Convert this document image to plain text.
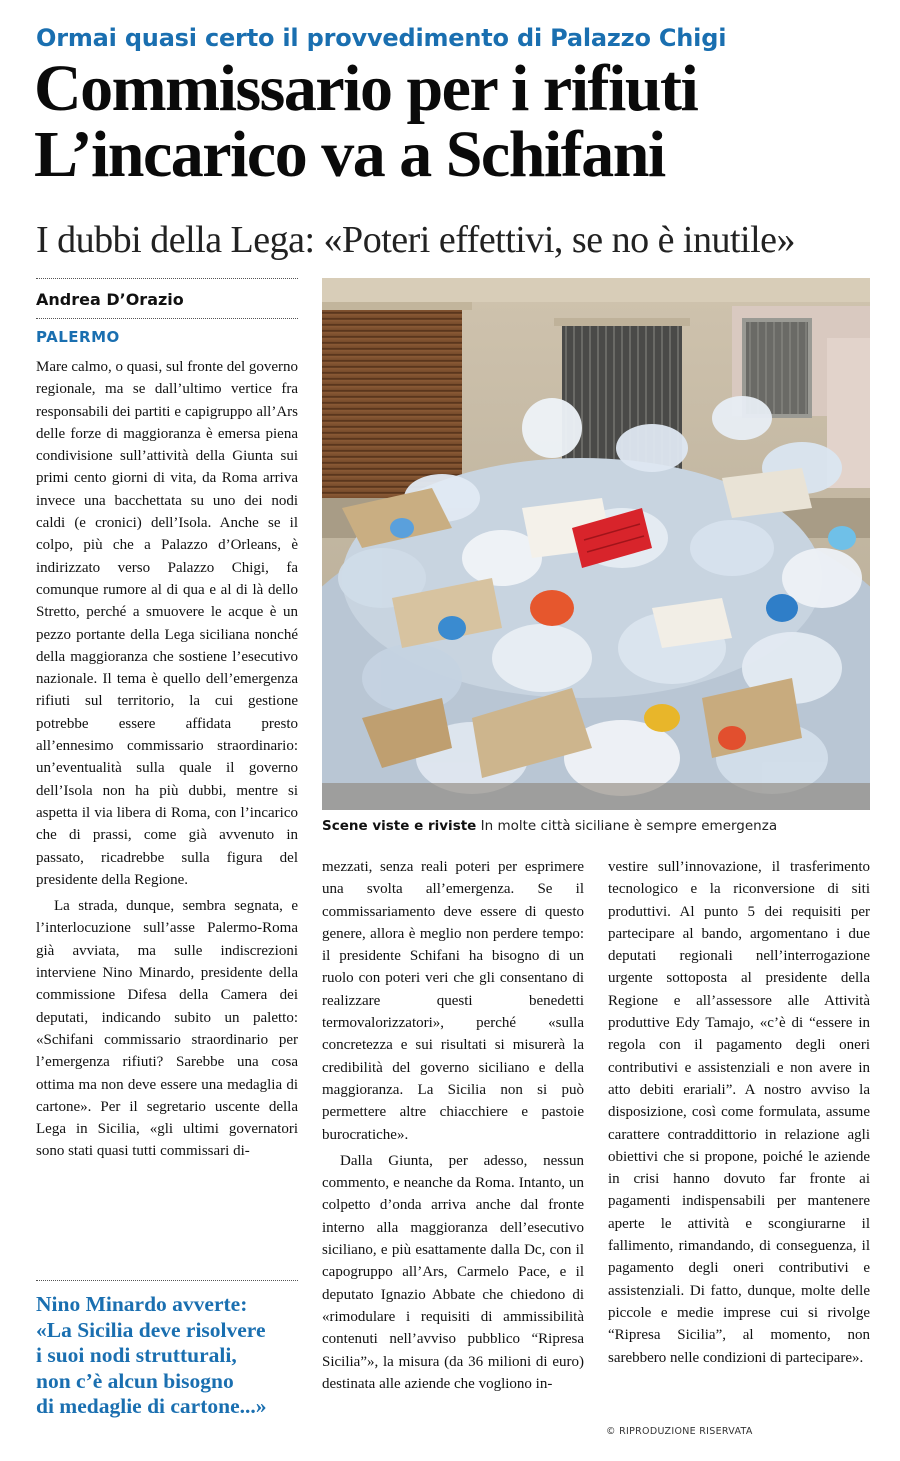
Ormai quasi certo il provvedimento di Palazzo Chigi
Commissario per i rifiuti
L’incarico va a Schifani
I dubbi della Lega: «Poteri effettivi, se no è inutile»
Andrea D’Orazio
PALERMO

Mare calmo, o quasi, sul fronte del governo regionale, ma se dall’ultimo vertice fra responsabili dei partiti e capigruppo all’Ars delle forze di maggioranza è emersa piena condivisione sull’attività della Giunta sui primi cento giorni di vita, da Roma arriva invece una bacchettata su uno dei nodi caldi (e cronici) dell’Isola. Anche se il colpo, più che a Palazzo d’Orleans, è indirizzato verso Palazzo Chigi, fa comunque rumore al di qua e al di là dello Stretto, perché a smuovere le acque è un pezzo portante della Lega siciliana nonché della maggioranza che sostiene l’esecutivo nazionale. Il tema è quello dell’emergenza rifiuti sul territorio, la cui gestione potrebbe essere affidata presto all’ennesimo commissario straordinario: un’eventualità sulla quale il governo dell’Isola non ha più dubbi, mentre si aspetta il via libera di Roma, con l’incarico che di prassi, come già avvenuto in passato, ricadrebbe sulla figura del presidente della Regione.

La strada, dunque, sembra segnata, e l’interlocuzione sull’asse Palermo-Roma già avviata, ma sulle indiscrezioni interviene Nino Minardo, presidente della commissione Difesa della Camera dei deputati, indicando subito un paletto: «Schifani commissario straordinario per l’emergenza rifiuti? Sarebbe una cosa ottima ma non deve essere una medaglia di cartone». Per il segretario uscente della Lega in Sicilia, «gli ultimi governatori sono stati quasi tutti commissari di-

Nino Minardo avverte:
«La Sicilia deve risolvere
i suoi nodi strutturali,
non c’è alcun bisogno
di medaglie di cartone...»
Scene viste e riviste In molte città siciliane è sempre emergenza

mezzati, senza reali poteri per esprimere una svolta all’emergenza. Se il commissariamento deve essere di questo genere, allora è meglio non perdere tempo: il presidente Schifani ha bisogno di un ruolo con poteri veri che gli consentano di realizzare questi benedetti termovalorizzatori», perché «sulla concretezza e sui risultati si misurerà la credibilità del governo siciliano e della maggioranza. La Sicilia non si può permettere altre chiacchiere e pastoie burocratiche».

Dalla Giunta, per adesso, nessun commento, e neanche da Roma. Intanto, un colpetto d’onda arriva anche dal fronte interno alla maggioranza dell’esecutivo siciliano, e più esattamente dalla Dc, con il capogruppo all’Ars, Carmelo Pace, e il deputato Ignazio Abbate che chiedono di «rimodulare i requisiti di ammissibilità contenuti nell’avviso pubblico “Ripresa Sicilia”», la misura (da 36 milioni di euro) destinata alle aziende che vogliono in-

vestire sull’innovazione, il trasferimento tecnologico e la riconversione di siti produttivi. Al punto 5 dei requisiti per partecipare al bando, argomentano i due deputati regionali nell’interrogazione urgente sottoposta al presidente della Regione e all’assessore alle Attività produttive Edy Tamajo, «c’è di “essere in regola con il pagamento degli oneri contributivi e assistenziali e non avere in atto debiti erariali”. A nostro avviso la disposizione, così come formulata, assume carattere contraddittorio in relazione agli obiettivi che si propone, poiché le aziende in crisi hanno dovuto far fronte ai pagamenti indispensabili per mantenere aperte le attività e scongiurarne il fallimento, rimandando, di conseguenza, il pagamento degli oneri contributivi e assistenziali. Di fatto, dunque, molte delle piccole e medie imprese cui si rivolge “Ripresa Sicilia”, al momento, non sarebbero nelle condizioni di partecipare».

© RIPRODUZIONE RISERVATA
